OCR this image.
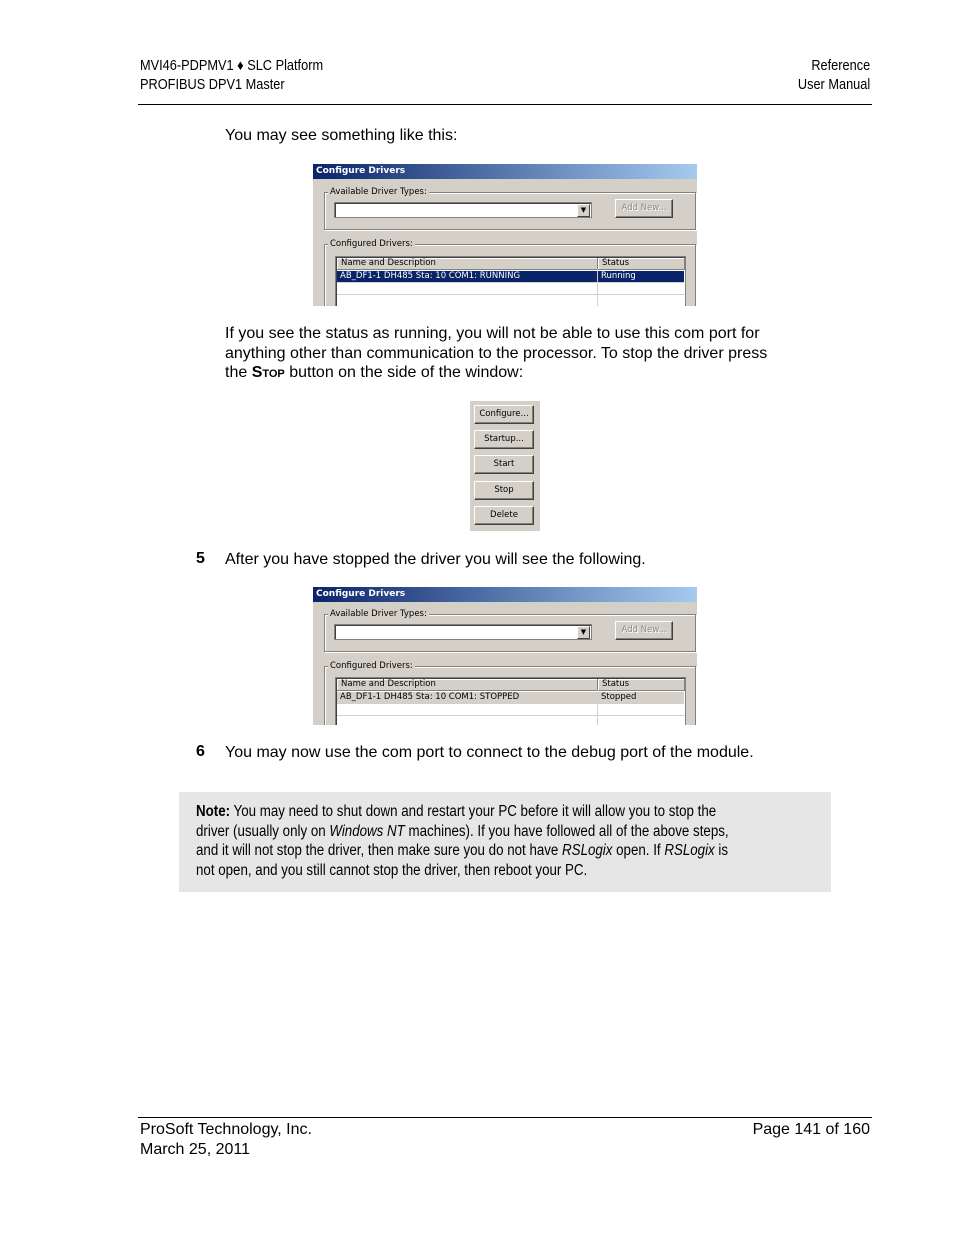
MVI46-PDPMV1 ♦ SLC Platform
PROFIBUS DPV1 Master
Reference
User Manual
You may see something like this:
Configure Drivers
Available Driver Types:
▼	Add New...
Configured Drivers:
Name and Description	Status
AB_DF1-1 DH485 Sta: 10 COM1: RUNNING	Running
If you see the status as running, you will not be able to use this com port for
anything other than communication to the processor. To stop the driver press
the STOP button on the side of the window:
Configure...
Startup...
Start
Stop
Delete
5 After you have stopped the driver you will see the following.
Configure Drivers
Available Driver Types:
▼	Add New...
Configured Drivers:
Name and Description	Status
AB_DF1-1 DH485 Sta: 10 COM1: STOPPED	Stopped
6 You may now use the com port to connect to the debug port of the module.
Note: You may need to shut down and restart your PC before it will allow you to stop the driver (usually only on Windows NT machines). If you have followed all of the above steps, and it will not stop the driver, then make sure you do not have RSLogix open. If RSLogix is not open, and you still cannot stop the driver, then reboot your PC.
ProSoft Technology, Inc.
March 25, 2011
Page 141 of 160
